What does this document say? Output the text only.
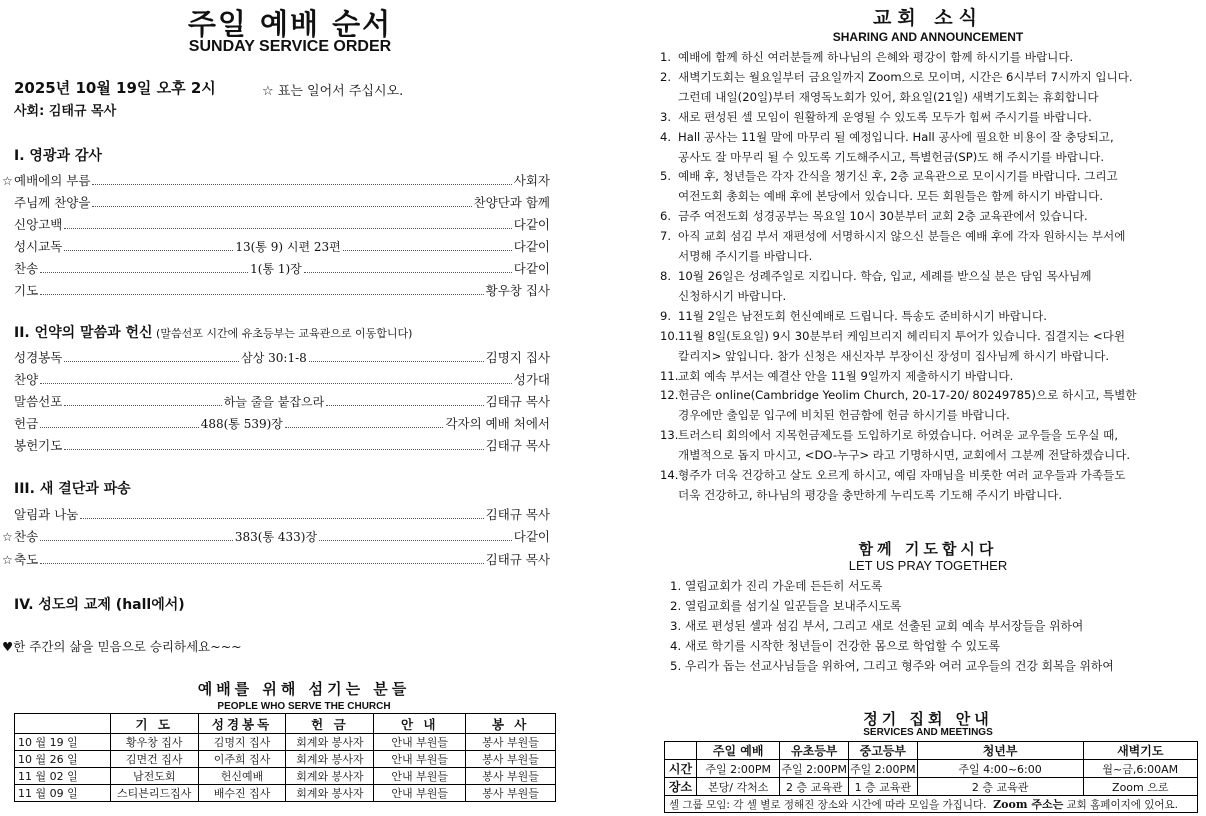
주일 예배 순서
SUNDAY SERVICE ORDER
2025년 10월 19일 오후 2시	☆ 표는 일어서 주십시오.
사회: 김태규 목사
I. 영광과 감사
II. 언약의 말씀과 헌신 (말씀선포 시간에 유초등부는 교육관으로 이동합니다)
III. 새 결단과 파송
IV. 성도의 교제 (hall에서)
☆ 예배에의 부름	사회자
주님께 찬양을	찬양단과 함께
신앙고백	다같이
성시교독	13(통 9) 시편 23편	다같이
찬송	1(통 1)장	다같이
기도	황우창 집사
성경봉독	삼상 30:1-8	김명지 집사
찬양	성가대
말씀선포	하늘 줄을 붙잡으라	김태규 목사
헌금	488(통 539)장	각자의 예배 처에서
봉헌기도	김태규 목사
알림과 나눔	김태규 목사
☆ 찬송	383(통 433)장	다같이
☆ 축도	김태규 목사
♥한 주간의 삶을 믿음으로 승리하세요~~~
예배를 위해 섬기는 분들
PEOPLE WHO SERVE THE CHURCH
	기 도	성경봉독	헌 금	안 내	봉 사
10 월 19 일	황우창 집사	김명지 집사	회계와 봉사자	안내 부원들	봉사 부원들
10 월 26 일	김면건 집사	이주희 집사	회계와 봉사자	안내 부원들	봉사 부원들
11 월 02 일	남전도회	헌신예배	회계와 봉사자	안내 부원들	봉사 부원들
11 월 09 일	스티븐리드집사	배수진 집사	회계와 봉사자	안내 부원들	봉사 부원들
교회 소식
SHARING AND ANNOUNCEMENT
1. 예배에 함께 하신 여러분들께 하나님의 은혜와 평강이 함께 하시기를 바랍니다.
2. 새벽기도회는 월요일부터 금요일까지 Zoom으로 모이며, 시간은 6시부터 7시까지 입니다.
그런데 내일(20일)부터 재영독노회가 있어, 화요일(21일) 새벽기도회는 휴회합니다
3. 새로 편성된 셀 모임이 원활하게 운영될 수 있도록 모두가 힘써 주시기를 바랍니다.
4. Hall 공사는 11월 말에 마무리 될 예정입니다. Hall 공사에 필요한 비용이 잘 충당되고,
공사도 잘 마무리 될 수 있도록 기도해주시고, 특별헌금(SP)도 해 주시기를 바랍니다.
5. 예배 후, 청년들은 각자 간식을 챙기신 후, 2층 교육관으로 모이시기를 바랍니다. 그리고
여전도회 총회는 예배 후에 본당에서 있습니다. 모든 회원들은 함께 하시기 바랍니다.
6. 금주 여전도회 성경공부는 목요일 10시 30분부터 교회 2층 교육관에서 있습니다.
7. 아직 교회 섬김 부서 재편성에 서명하시지 않으신 분들은 예배 후에 각자 원하시는 부서에
서명해 주시기를 바랍니다.
8. 10월 26일은 성례주일로 지킵니다. 학습, 입교, 세례를 받으실 분은 담임 목사님께
신청하시기 바랍니다.
9. 11월 2일은 남전도회 헌신예배로 드립니다. 특송도 준비하시기 바랍니다.
10. 11월 8일(토요일) 9시 30분부터 케임브리지 헤리티지 투어가 있습니다. 집결지는 <다윈
칼리지> 앞입니다. 참가 신청은 새신자부 부장이신 장성미 집사님께 하시기 바랍니다.
11. 교회 예속 부서는 예결산 안을 11월 9일까지 제출하시기 바랍니다.
12. 헌금은 online(Cambridge Yeolim Church, 20-17-20/ 80249785)으로 하시고, 특별한
경우에만 출입문 입구에 비치된 헌금함에 헌금 하시기를 바랍니다.
13. 트러스티 회의에서 지목헌금제도를 도입하기로 하였습니다. 어려운 교우들을 도우실 때,
개별적으로 돕지 마시고, <DO-누구> 라고 기명하시면, 교회에서 그분께 전달하겠습니다.
14. 형주가 더욱 건강하고 살도 오르게 하시고, 예림 자매님을 비롯한 여러 교우들과 가족들도
더욱 건강하고, 하나님의 평강을 충만하게 누리도록 기도해 주시기 바랍니다.
함께 기도합시다
LET US PRAY TOGETHER
1. 열림교회가 진리 가운데 든든히 서도록
2. 열림교회를 섬기실 일꾼들을 보내주시도록
3. 새로 편성된 셀과 섬김 부서, 그리고 새로 선출된 교회 예속 부서장들을 위하여
4. 새로 학기를 시작한 청년들이 건강한 몸으로 학업할 수 있도록
5. 우리가 돕는 선교사님들을 위하여, 그리고 형주와 여러 교우들의 건강 회복을 위하여
정기 집회 안내
SERVICES AND MEETINGS
	주일 예배	유초등부	중고등부	청년부	새벽기도
시간	주일 2:00PM	주일 2:00PM	주일 2:00PM	주일 4:00~6:00	월~금,6:00AM
장소	본당/ 각처소	2 층 교육관	1 층 교육관	2 층 교육관	Zoom 으로
셀 그룹 모임: 각 셀 별로 정해진 장소와 시간에 따라 모임을 가집니다. Zoom 주소는 교회 홈페이지에 있어요.					
